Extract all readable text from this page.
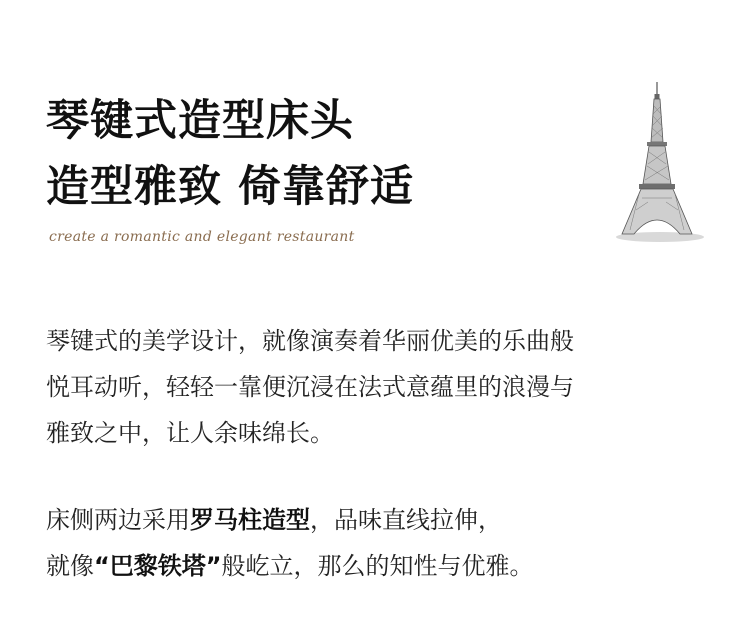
琴键式造型床头
造型雅致 倚靠舒适
create a romantic and elegant restaurant
琴键式的美学设计，就像演奏着华丽优美的乐曲般
悦耳动听，轻轻一靠便沉浸在法式意蕴里的浪漫与
雅致之中，让人余味绵长。
床侧两边采用罗马柱造型，品味直线拉伸，
就像“巴黎铁塔”般屹立，那么的知性与优雅。
